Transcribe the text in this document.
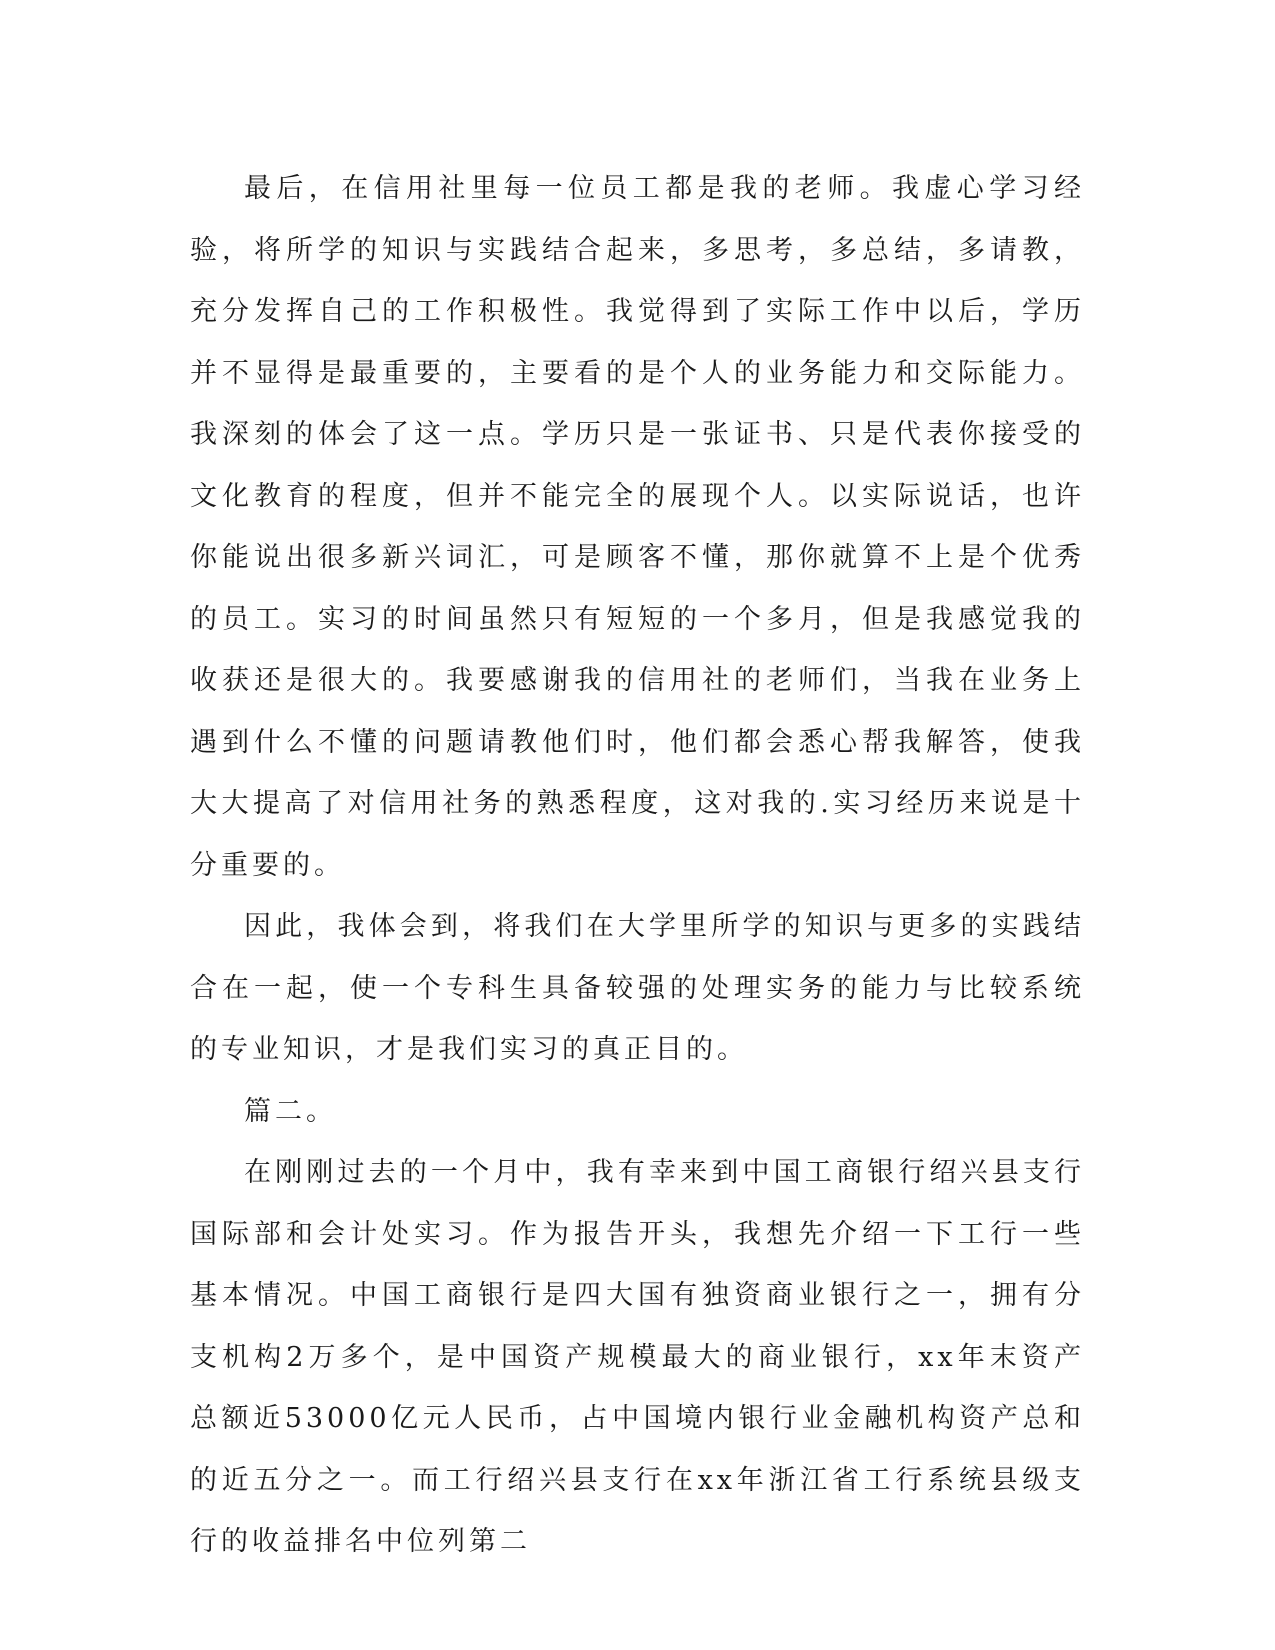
最后，在信用社里每一位员工都是我的老师。我虚心学习经验，将所学的知识与实践结合起来，多思考，多总结，多请教，充分发挥自己的工作积极性。我觉得到了实际工作中以后，学历并不显得是最重要的，主要看的是个人的业务能力和交际能力。我深刻的体会了这一点。学历只是一张证书、只是代表你接受的文化教育的程度，但并不能完全的展现个人。以实际说话，也许你能说出很多新兴词汇，可是顾客不懂，那你就算不上是个优秀的员工。实习的时间虽然只有短短的一个多月，但是我感觉我的收获还是很大的。我要感谢我的信用社的老师们，当我在业务上遇到什么不懂的问题请教他们时，他们都会悉心帮我解答，使我大大提高了对信用社务的熟悉程度，这对我的.实习经历来说是十分重要的。

因此，我体会到，将我们在大学里所学的知识与更多的实践结合在一起，使一个专科生具备较强的处理实务的能力与比较系统的专业知识，才是我们实习的真正目的。

篇二。

在刚刚过去的一个月中，我有幸来到中国工商银行绍兴县支行国际部和会计处实习。作为报告开头，我想先介绍一下工行一些基本情况。中国工商银行是四大国有独资商业银行之一，拥有分支机构2万多个，是中国资产规模最大的商业银行，xx年末资产总额近53000亿元人民币，占中国境内银行业金融机构资产总和的近五分之一。而工行绍兴县支行在xx年浙江省工行系统县级支行的收益排名中位列第二
